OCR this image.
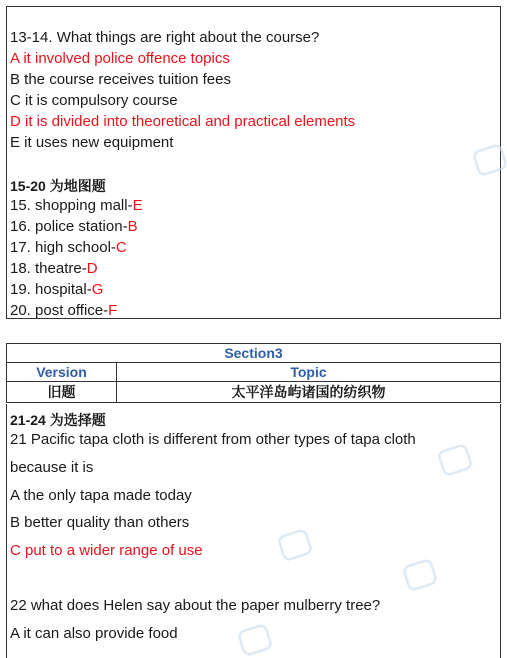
13-14. What things are right about the course?
A it involved police offence topics
B the course receives tuition fees
C it is compulsory course
D it is divided into theoretical and practical elements
E it uses new equipment
15-20 为地图题
15. shopping mall-E
16. police station-B
17. high school-C
18. theatre-D
19. hospital-G
20. post office-F
Section3	
Version	Topic
旧题	太平洋岛屿诸国的纺织物
21-24 为选择题
21 Pacific tapa cloth is different from other types of tapa cloth
because it is
A the only tapa made today
B better quality than others
C put to a wider range of use
22 what does Helen say about the paper mulberry tree?
A it can also provide food
